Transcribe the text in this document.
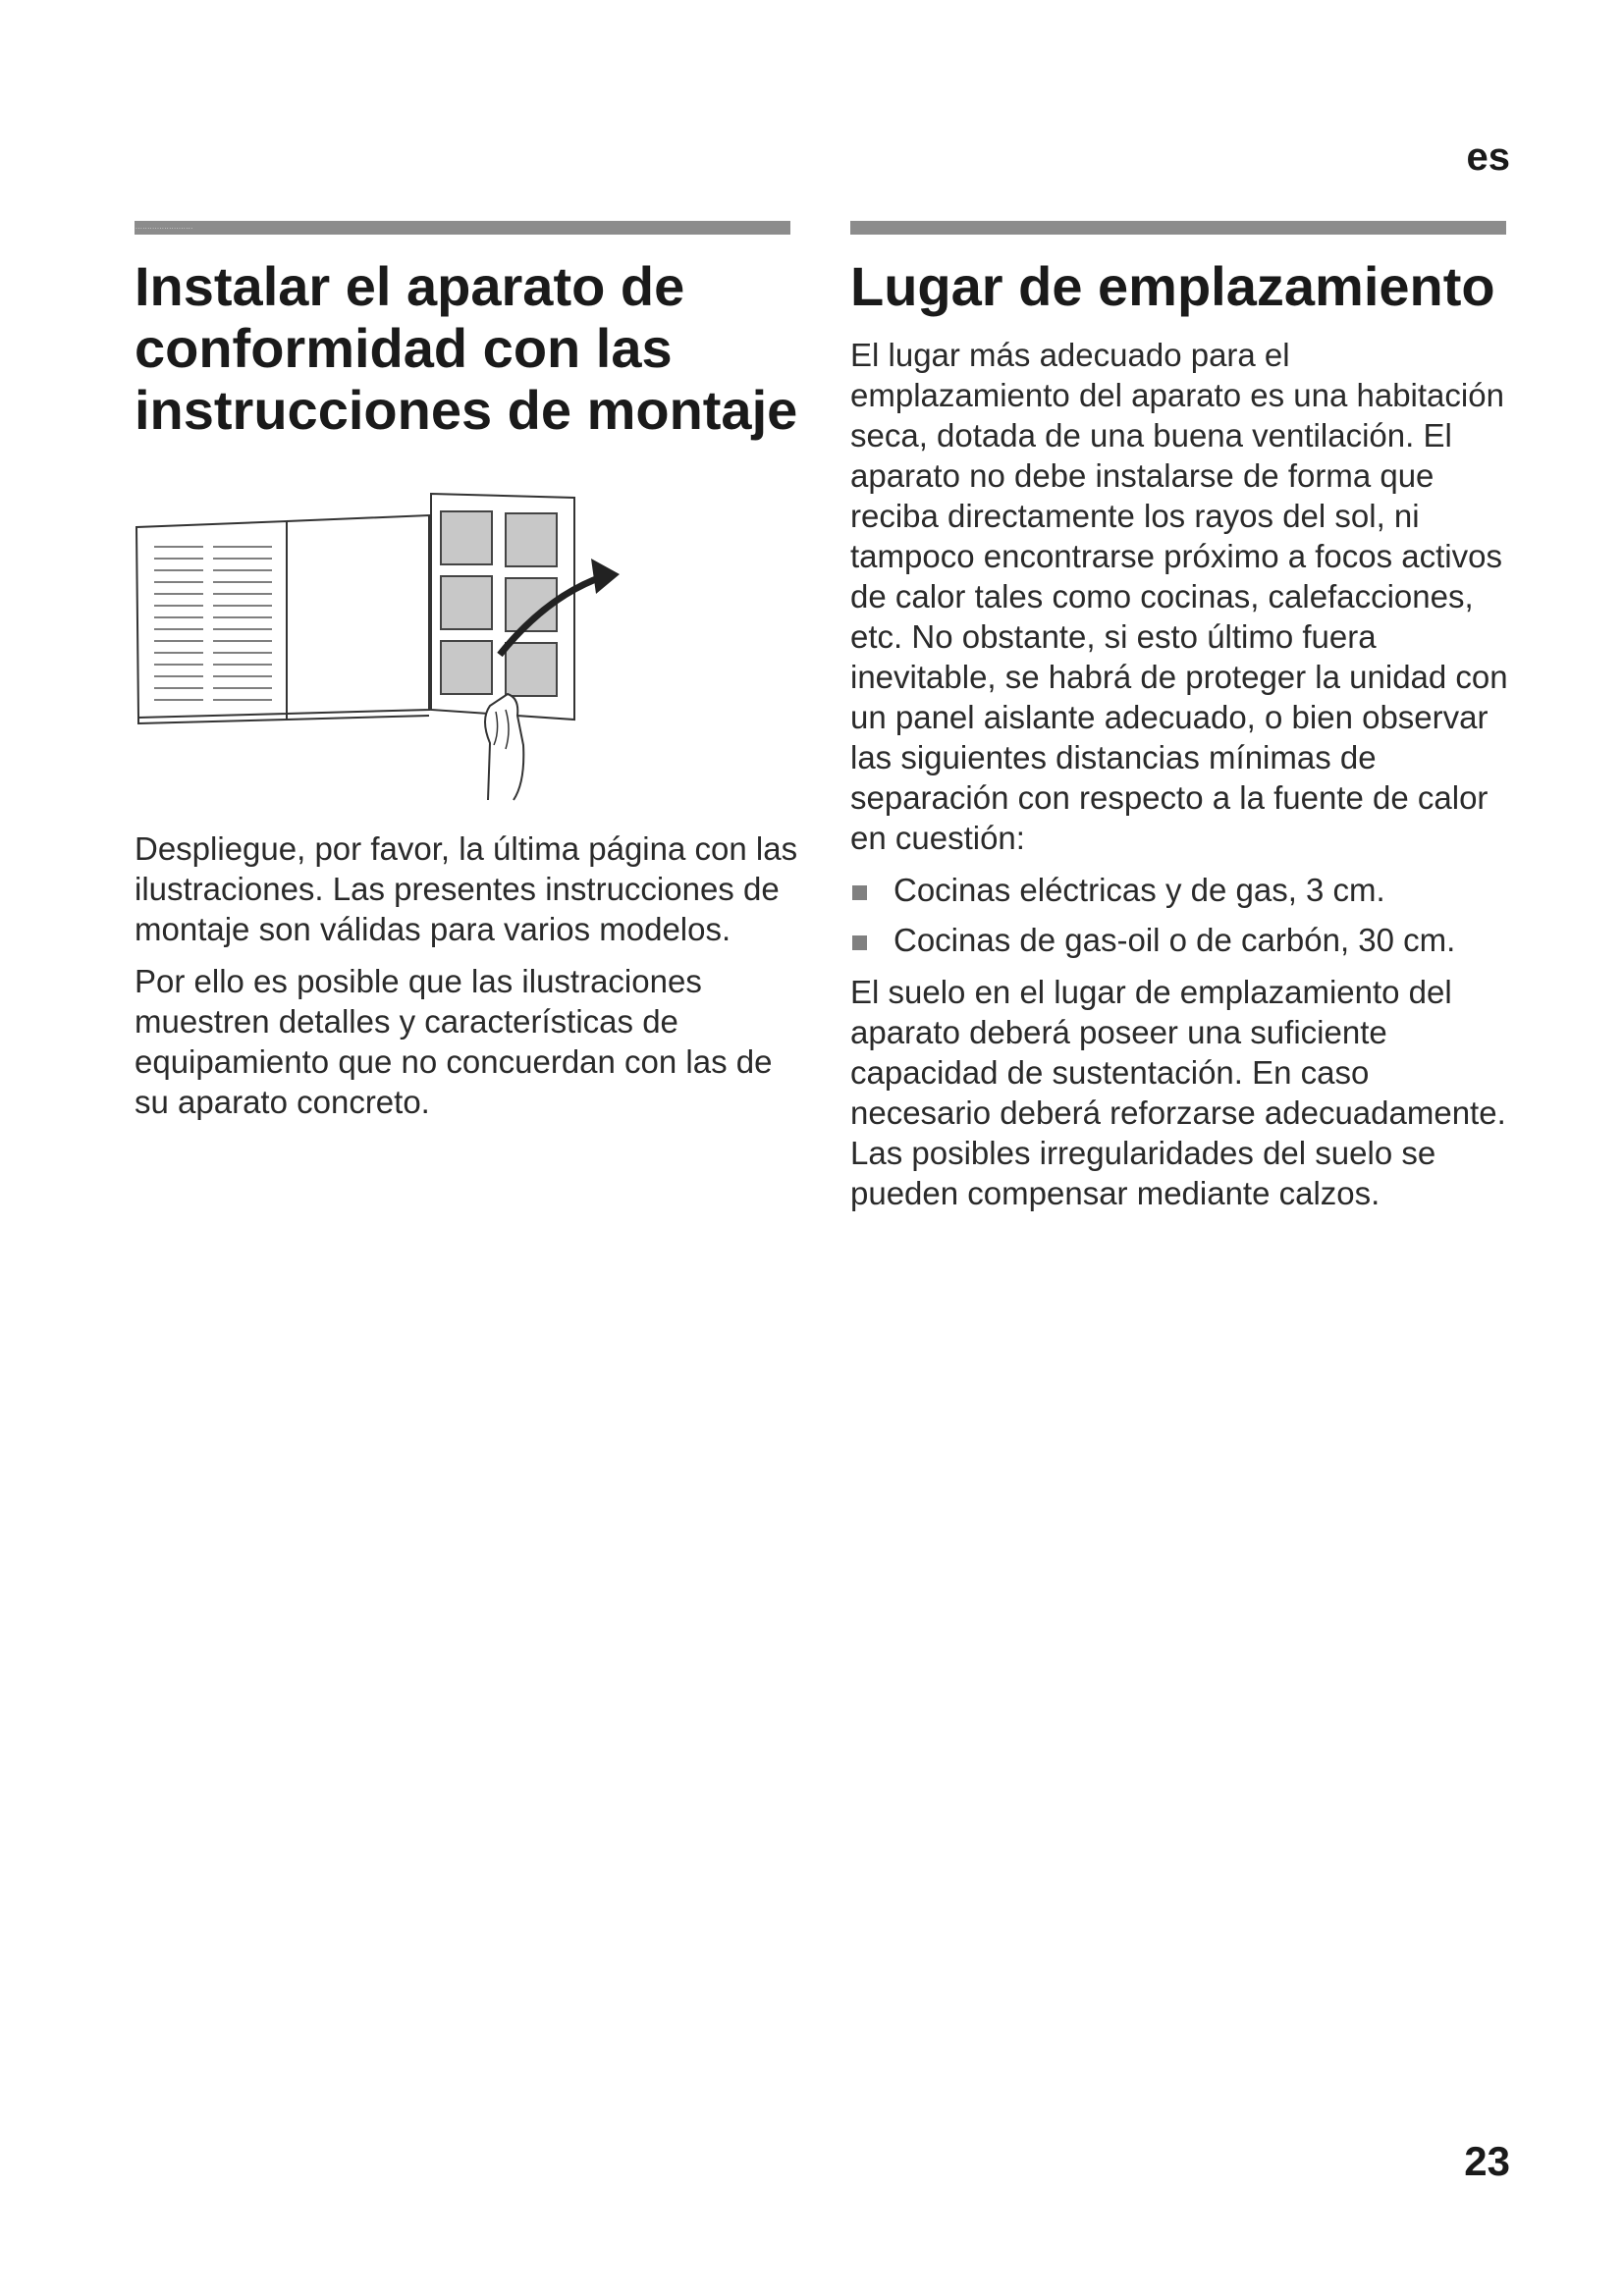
es
........................
Instalar el aparato de conformidad con las instrucciones de montaje

Despliegue, por favor, la última página con las ilustraciones. Las presentes instrucciones de montaje son válidas para varios modelos.

Por ello es posible que las ilustraciones muestren detalles y características de equipamiento que no concuerdan con las de su aparato concreto.

Lugar de emplazamiento

El lugar más adecuado para el emplazamiento del aparato es una habitación seca, dotada de una buena ventilación. El aparato no debe instalarse de forma que reciba directamente los rayos del sol, ni tampoco encontrarse próximo a focos activos de calor tales como cocinas, calefacciones, etc. No obstante, si esto último fuera inevitable, se habrá de proteger la unidad con un panel aislante adecuado, o bien observar las siguientes distancias mínimas de separación con respecto a la fuente de calor en cuestión:

Cocinas eléctricas y de gas, 3 cm.
Cocinas de gas-oil o de carbón, 30 cm.

El suelo en el lugar de emplazamiento del aparato deberá poseer una suficiente capacidad de sustentación. En caso necesario deberá reforzarse adecuadamente. Las posibles irregularidades del suelo se pueden compensar mediante calzos.

23
